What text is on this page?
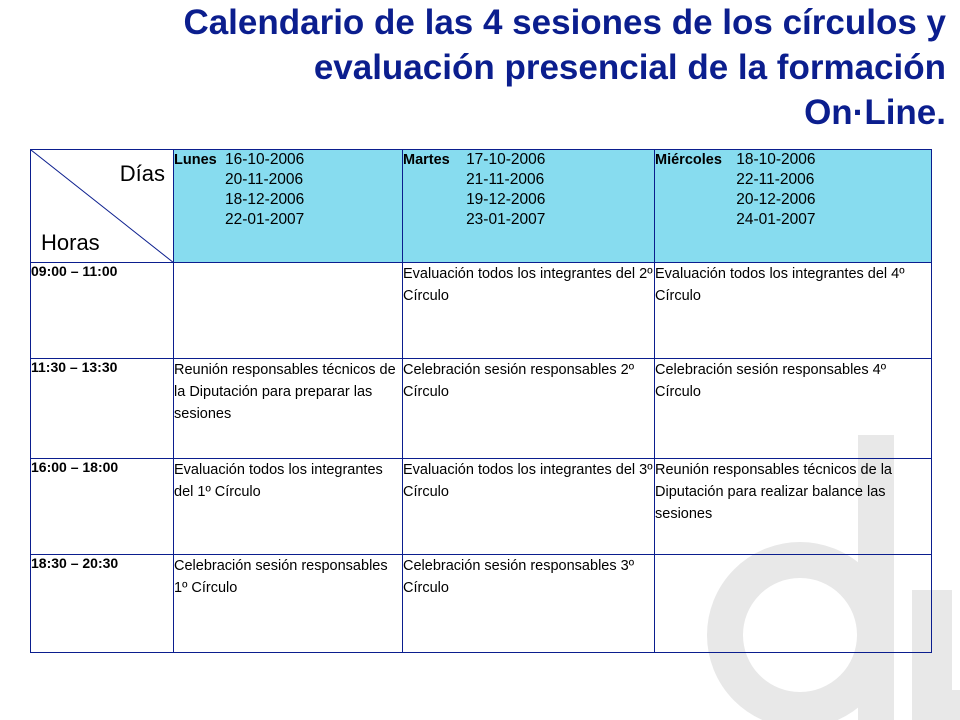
Calendario de las 4 sesiones de los círculos y
evaluación presencial de la formación
On·Line.
Días
Horas	Lunes 16-10-2006
20-11-2006
18-12-2006
22-01-2007	Martes 17-10-2006
21-11-2006
19-12-2006
23-01-2007	Miércoles 18-10-2006
22-11-2006
20-12-2006
24-01-2007
09:00 – 11:00		Evaluación todos los integrantes del 2º Círculo	Evaluación todos los integrantes del 4º Círculo
11:30 – 13:30	Reunión responsables técnicos de la Diputación para preparar las sesiones	Celebración sesión responsables 2º Círculo	Celebración sesión responsables 4º Círculo
16:00 – 18:00	Evaluación todos los integrantes del 1º Círculo	Evaluación todos los integrantes del 3º Círculo	Reunión responsables técnicos de la Diputación para realizar balance las sesiones
18:30 – 20:30	Celebración sesión responsables 1º Círculo	Celebración sesión responsables 3º Círculo	
